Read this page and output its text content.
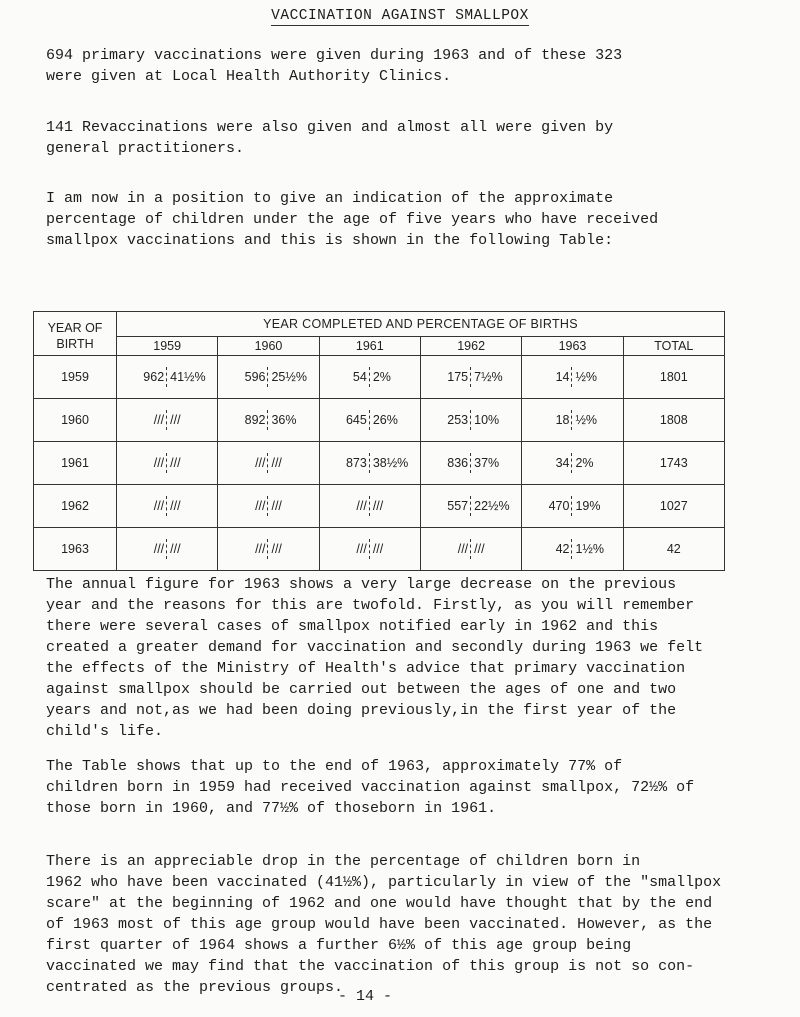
VACCINATION AGAINST SMALLPOX
694 primary vaccinations were given during 1963 and of these 323
were given at Local Health Authority Clinics.
141 Revaccinations were also given and almost all were given by
general practitioners.
I am now in a position to give an indication of the approximate
percentage of children under the age of five years who have received
smallpox vaccinations and this is shown in the following Table:
YEAR OF BIRTH	YEAR COMPLETED AND PERCENTAGE OF BIRTHS					
	1959	1960	1961	1962	1963	TOTAL
1959	962 41½%	596 25½%	54 2%	175 7½%	14 ½%	1801
1960	/// ///	892 36%	645 26%	253 10%	18 ½%	1808
1961	/// ///	/// ///	873 38½%	836 37%	34 2%	1743
1962	/// ///	/// ///	/// ///	557 22½%	470 19%	1027
1963	/// ///	/// ///	/// ///	/// ///	42 1½%	42
The annual figure for 1963 shows a very large decrease on the previous
year and the reasons for this are twofold. Firstly, as you will remember
there were several cases of smallpox notified early in 1962 and this
created a greater demand for vaccination and secondly during 1963 we felt
the effects of the Ministry of Health's advice that primary vaccination
against smallpox should be carried out between the ages of one and two
years and not,as we had been doing previously,in the first year of the
child's life.
The Table shows that up to the end of 1963, approximately 77% of
children born in 1959 had received vaccination against smallpox, 72½% of
those born in 1960, and 77½% of thoseborn in 1961.
There is an appreciable drop in the percentage of children born in
1962 who have been vaccinated (41½%), particularly in view of the "smallpox
scare" at the beginning of 1962 and one would have thought that by the end
of 1963 most of this age group would have been vaccinated. However, as the
first quarter of 1964 shows a further 6½% of this age group being
vaccinated we may find that the vaccination of this group is not so con-
centrated as the previous groups.
- 14 -
